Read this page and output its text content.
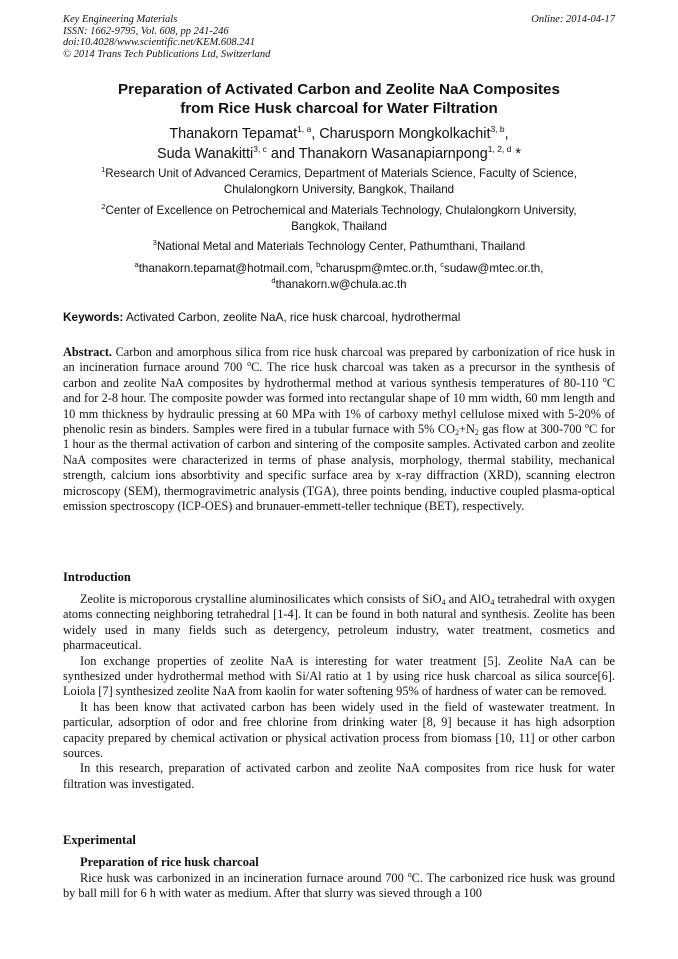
Key Engineering Materials
ISSN: 1662-9795, Vol. 608, pp 241-246
doi:10.4028/www.scientific.net/KEM.608.241
© 2014 Trans Tech Publications Ltd, Switzerland
Online: 2014-04-17
Preparation of Activated Carbon and Zeolite NaA Composites
from Rice Husk charcoal for Water Filtration
Thanakorn Tepamat$^{1, a}$, Charusporn Mongkolkachit$^{3, b}$,
Suda Wanakitti$^{3, c}$ and Thanakorn Wasanapiarnpong$^{1, 2, d}$ *
$^1$Research Unit of Advanced Ceramics, Department of Materials Science, Faculty of Science,
Chulalongkorn University, Bangkok, Thailand
$^2$Center of Excellence on Petrochemical and Materials Technology, Chulalongkorn University,
Bangkok, Thailand
$^3$National Metal and Materials Technology Center, Pathumthani, Thailand
$^a$thanakorn.tepamat@hotmail.com, $^b$charuspm@mtec.or.th, $^c$sudaw@mtec.or.th,
$^d$thanakorn.w@chula.ac.th
Keywords: Activated Carbon, zeolite NaA, rice husk charcoal, hydrothermal

Abstract. Carbon and amorphous silica from rice husk charcoal was prepared by carbonization of rice husk in an incineration furnace around 700 $^o$C. The rice husk charcoal was taken as a precursor in the synthesis of carbon and zeolite NaA composites by hydrothermal method at various synthesis temperatures of 80-110 $^o$C and for 2-8 hour. The composite powder was formed into rectangular shape of 10 mm width, 60 mm length and 10 mm thickness by hydraulic pressing at 60 MPa with 1% of carboxy methyl cellulose mixed with 5-20% of phenolic resin as binders. Samples were fired in a tubular furnace with 5% $CO_2+N_2$ gas flow at 300-700 $^o$C for 1 hour as the thermal activation of carbon and sintering of the composite samples. Activated carbon and zeolite NaA composites were characterized in terms of phase analysis, morphology, thermal stability, mechanical strength, calcium ions absorbtivity and specific surface area by x-ray diffraction (XRD), scanning electron microscopy (SEM), thermogravimetric analysis (TGA), three points bending, inductive coupled plasma-optical emission spectroscopy (ICP-OES) and brunauer-emmett-teller technique (BET), respectively.

Introduction

Zeolite is microporous crystalline aluminosilicates which consists of SiO$_4$ and AlO$_4$ tetrahedral with oxygen atoms connecting neighboring tetrahedral [1-4]. It can be found in both natural and synthesis. Zeolite has been widely used in many fields such as detergency, petroleum industry, water treatment, cosmetics and pharmaceutical.

Ion exchange properties of zeolite NaA is interesting for water treatment [5]. Zeolite NaA can be synthesized under hydrothermal method with Si/Al ratio at 1 by using rice husk charcoal as silica source[6]. Loiola [7] synthesized zeolite NaA from kaolin for water softening 95% of hardness of water can be removed.

It has been know that activated carbon has been widely used in the field of wastewater treatment. In particular, adsorption of odor and free chlorine from drinking water [8, 9] because it has high adsorption capacity prepared by chemical activation or physical activation process from biomass [10, 11] or other carbon sources.

In this research, preparation of activated carbon and zeolite NaA composites from rice husk for water filtration was investigated.

Experimental
Preparation of rice husk charcoal

Rice husk was carbonized in an incineration furnace around 700 $^o$C. The carbonized rice husk was ground by ball mill for 6 h with water as medium. After that slurry was sieved through a 100
